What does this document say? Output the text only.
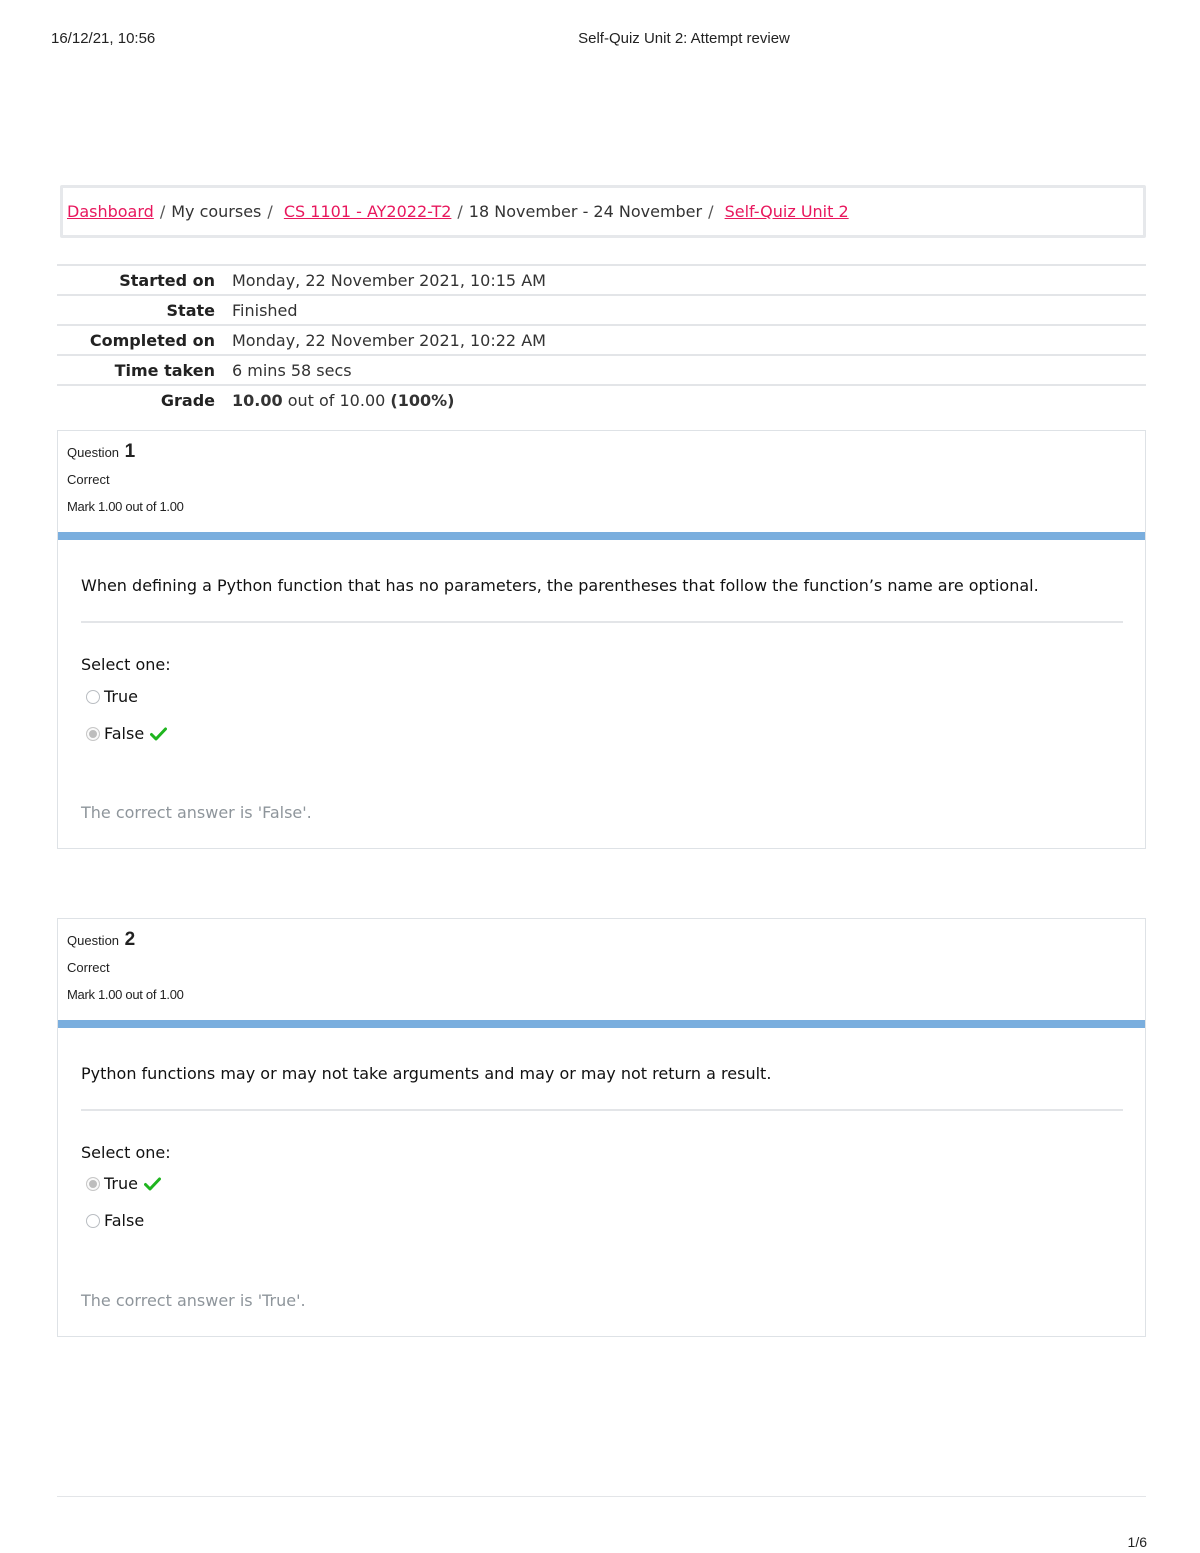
16/12/21, 10:56	Self-Quiz Unit 2: Attempt review
Dashboard / My courses / CS 1101 - AY2022-T2 / 18 November - 24 November / Self-Quiz Unit 2
Started on	Monday, 22 November 2021, 10:15 AM
State	Finished
Completed on	Monday, 22 November 2021, 10:22 AM
Time taken	6 mins 58 secs
Grade	10.00 out of 10.00 (100%)
Question 1
Correct
Mark 1.00 out of 1.00
When defining a Python function that has no parameters, the parentheses that follow the function’s name are optional.
Select one:
True
False
The correct answer is 'False'.
Question 2
Correct
Mark 1.00 out of 1.00
Python functions may or may not take arguments and may or may not return a result.
Select one:
True
False
The correct answer is 'True'.
1/6
